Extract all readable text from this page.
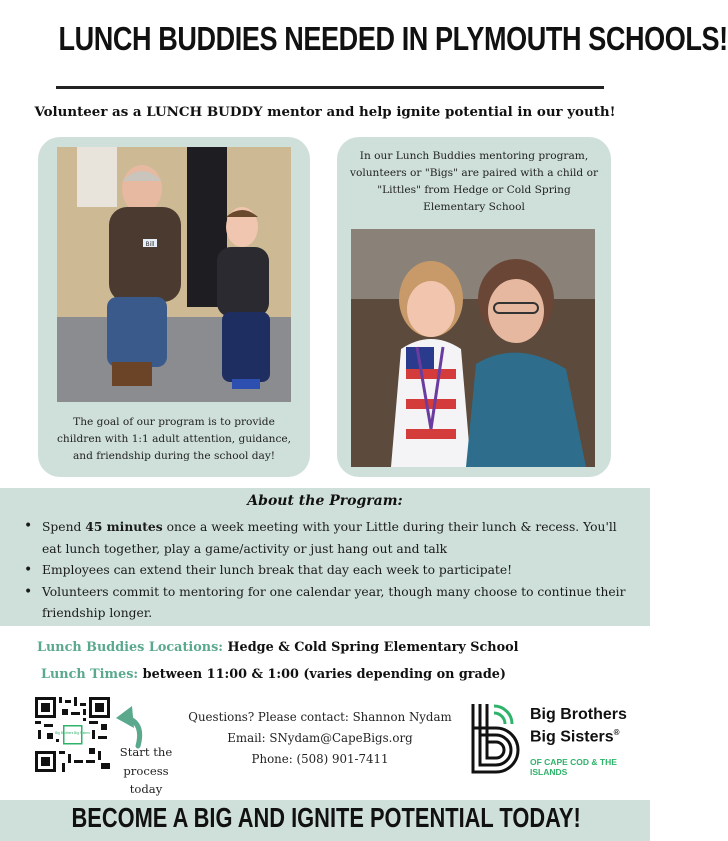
LUNCH BUDDIES NEEDED IN PLYMOUTH SCHOOLS!
Volunteer as a LUNCH BUDDY mentor and help ignite potential in our youth!
Bill
The goal of our program is to provide children with 1:1 adult attention, guidance, and friendship during the school day!
In our Lunch Buddies mentoring program, volunteers or "Bigs" are paired with a child or "Littles" from Hedge or Cold Spring Elementary School
About the Program:
• Spend 45 minutes once a week meeting with your Little during their lunch & recess. You'll eat lunch together, play a game/activity or just hang out and talk
• Employees can extend their lunch break that day each week to participate!
• Volunteers commit to mentoring for one calendar year, though many choose to continue their friendship longer.
Lunch Buddies Locations: Hedge & Cold Spring Elementary School
Lunch Times: between 11:00 & 1:00 (varies depending on grade)
Big Brothers Big Sisters
Start the process today
Questions? Please contact: Shannon Nydam
Email: SNydam@CapeBigs.org
Phone: (508) 901-7411
Big Brothers
Big Sisters®
OF CAPE COD & THE ISLANDS
BECOME A BIG AND IGNITE POTENTIAL TODAY!
